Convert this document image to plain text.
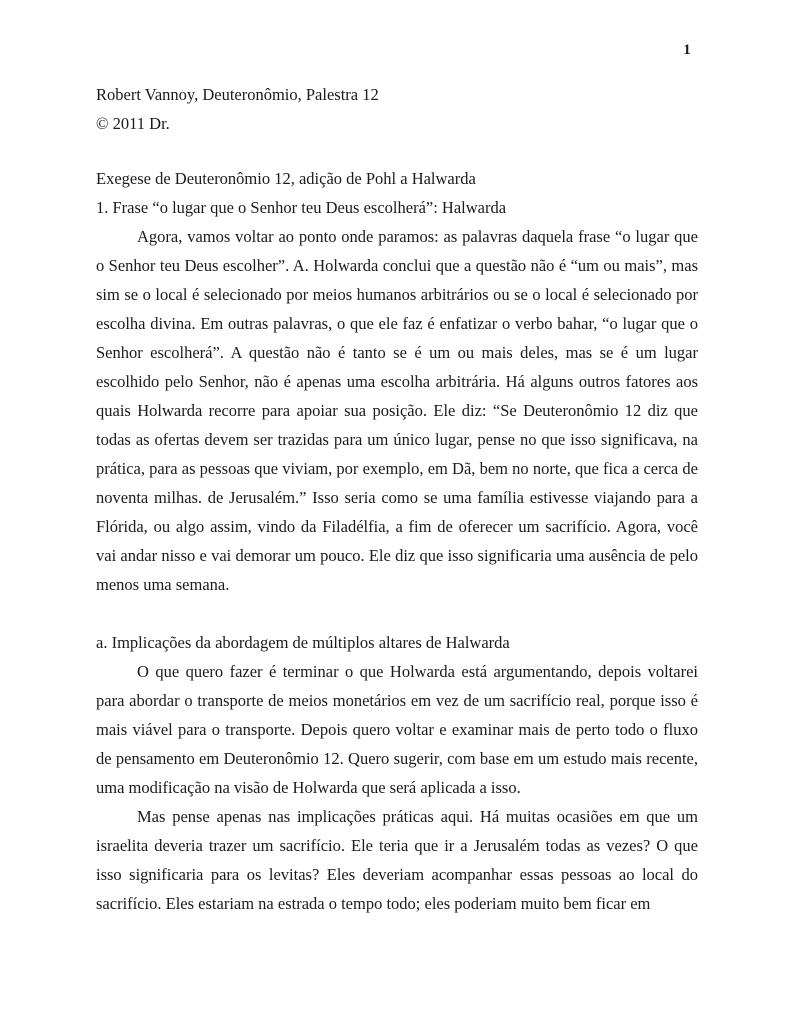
1

Robert Vannoy, Deuteronômio, Palestra 12

© 2011 Dr.

Exegese de Deuteronômio 12, adição de Pohl a Halwarda

1. Frase “o lugar que o Senhor teu Deus escolherá”: Halwarda

Agora, vamos voltar ao ponto onde paramos: as palavras daquela frase “o lugar que o Senhor teu Deus escolher”. A. Holwarda conclui que a questão não é “um ou mais”, mas sim se o local é selecionado por meios humanos arbitrários ou se o local é selecionado por escolha divina. Em outras palavras, o que ele faz é enfatizar o verbo bahar, “o lugar que o Senhor escolherá”. A questão não é tanto se é um ou mais deles, mas se é um lugar escolhido pelo Senhor, não é apenas uma escolha arbitrária. Há alguns outros fatores aos quais Holwarda recorre para apoiar sua posição. Ele diz: “Se Deuteronômio 12 diz que todas as ofertas devem ser trazidas para um único lugar, pense no que isso significava, na prática, para as pessoas que viviam, por exemplo, em Dã, bem no norte, que fica a cerca de noventa milhas. de Jerusalém.” Isso seria como se uma família estivesse viajando para a Flórida, ou algo assim, vindo da Filadélfia, a fim de oferecer um sacrifício. Agora, você vai andar nisso e vai demorar um pouco. Ele diz que isso significaria uma ausência de pelo menos uma semana.

a. Implicações da abordagem de múltiplos altares de Halwarda

O que quero fazer é terminar o que Holwarda está argumentando, depois voltarei para abordar o transporte de meios monetários em vez de um sacrifício real, porque isso é mais viável para o transporte. Depois quero voltar e examinar mais de perto todo o fluxo de pensamento em Deuteronômio 12. Quero sugerir, com base em um estudo mais recente, uma modificação na visão de Holwarda que será aplicada a isso.

Mas pense apenas nas implicações práticas aqui. Há muitas ocasiões em que um israelita deveria trazer um sacrifício. Ele teria que ir a Jerusalém todas as vezes? O que isso significaria para os levitas? Eles deveriam acompanhar essas pessoas ao local do sacrifício. Eles estariam na estrada o tempo todo; eles poderiam muito bem ficar em
